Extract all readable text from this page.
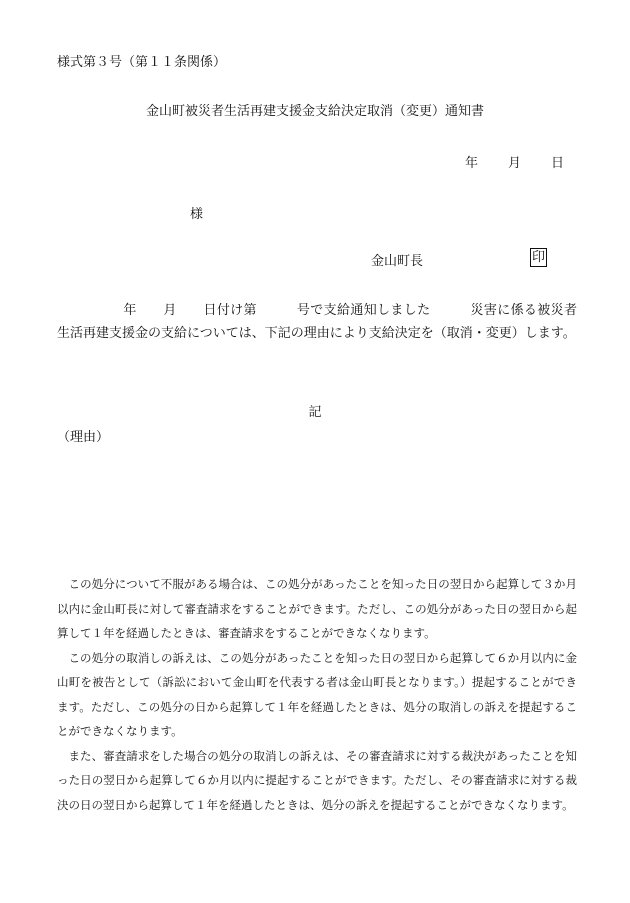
様式第３号（第１１条関係）
金山町被災者生活再建支援金支給決定取消（変更）通知書
年 月 日
様
金山町長	印
年　　月　　日付け第　　　号で支給通知しました　　　災害に係る被災者生活再建支援金の支給については、下記の理由により支給決定を（取消・変更）します。
記
（理由）

この処分について不服がある場合は、この処分があったことを知った日の翌日から起算して３か月以内に金山町長に対して審査請求をすることができます。ただし、この処分があった日の翌日から起算して１年を経過したときは、審査請求をすることができなくなります。

この処分の取消しの訴えは、この処分があったことを知った日の翌日から起算して６か月以内に金山町を被告として（訴訟において金山町を代表する者は金山町長となります。）提起することができます。ただし、この処分の日から起算して１年を経過したときは、処分の取消しの訴えを提起することができなくなります。

また、審査請求をした場合の処分の取消しの訴えは、その審査請求に対する裁決があったことを知った日の翌日から起算して６か月以内に提起することができます。ただし、その審査請求に対する裁決の日の翌日から起算して１年を経過したときは、処分の訴えを提起することができなくなります。
